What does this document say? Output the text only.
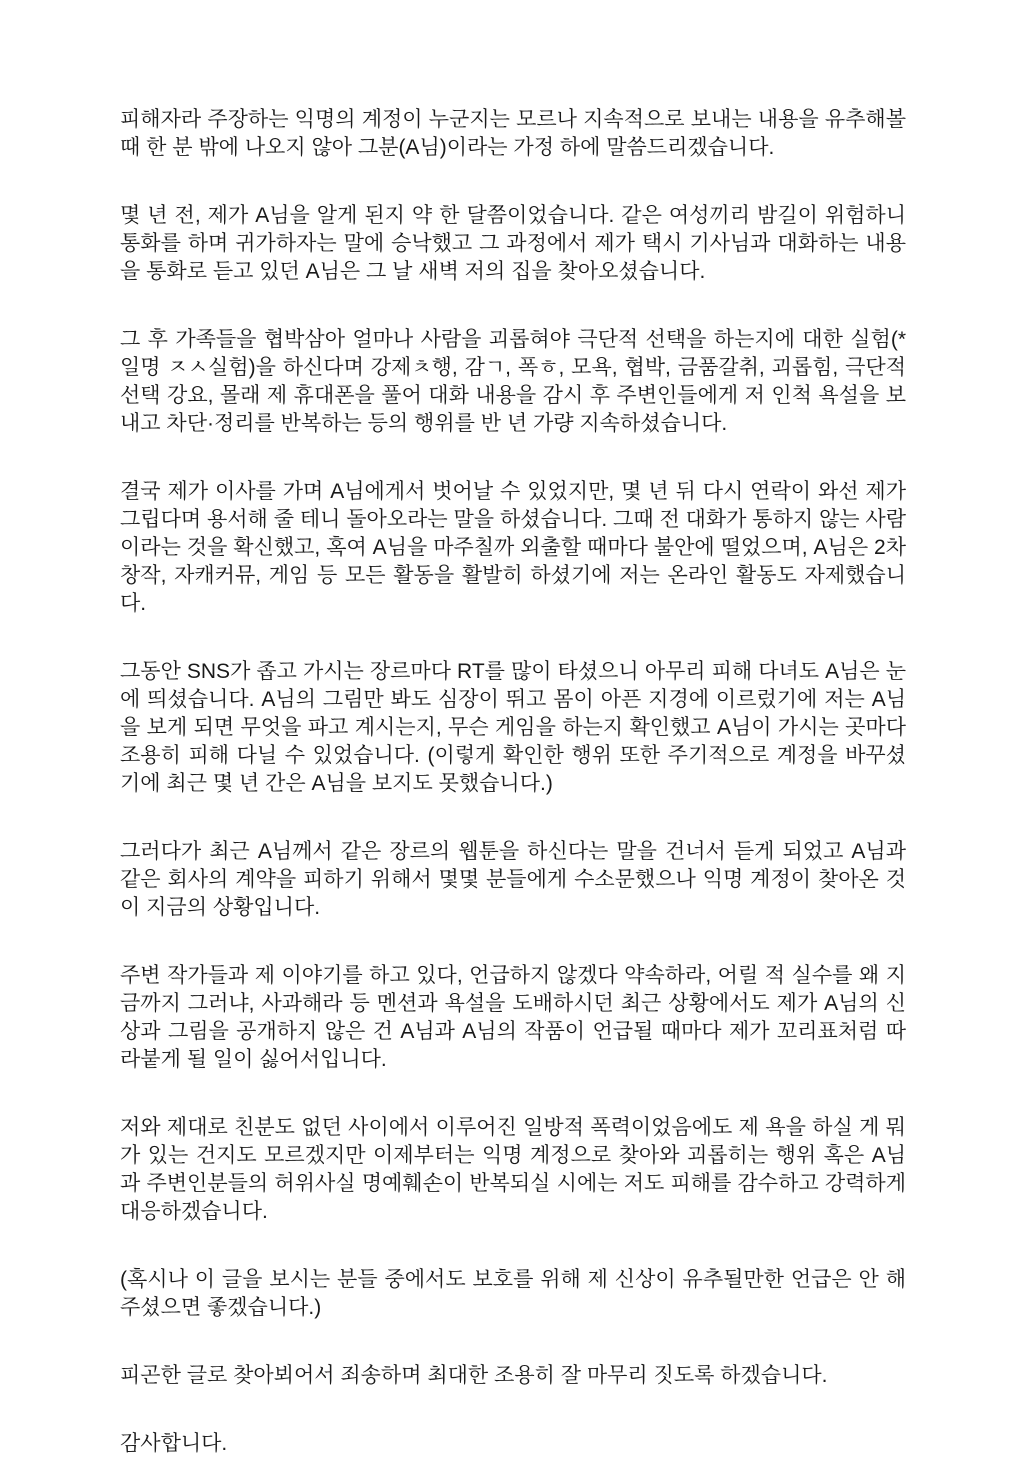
피해자라 주장하는 익명의 계정이 누군지는 모르나 지속적으로 보내는 내용을 유추해볼 때 한 분 밖에 나오지 않아 그분(A님)이라는 가정 하에 말씀드리겠습니다.

몇 년 전, 제가 A님을 알게 된지 약 한 달쯤이었습니다. 같은 여성끼리 밤길이 위험하니 통화를 하며 귀가하자는 말에 승낙했고 그 과정에서 제가 택시 기사님과 대화하는 내용을 통화로 듣고 있던 A님은 그 날 새벽 저의 집을 찾아오셨습니다.

그 후 가족들을 협박삼아 얼마나 사람을 괴롭혀야 극단적 선택을 하는지에 대한 실험(*일명 ㅈㅅ실험)을 하신다며 강제ㅊ행, 감ㄱ, 폭ㅎ, 모욕, 협박, 금품갈취, 괴롭힘, 극단적 선택 강요, 몰래 제 휴대폰을 풀어 대화 내용을 감시 후 주변인들에게 저 인척 욕설을 보내고 차단·정리를 반복하는 등의 행위를 반 년 가량 지속하셨습니다.

결국 제가 이사를 가며 A님에게서 벗어날 수 있었지만, 몇 년 뒤 다시 연락이 와선 제가 그립다며 용서해 줄 테니 돌아오라는 말을 하셨습니다. 그때 전 대화가 통하지 않는 사람이라는 것을 확신했고, 혹여 A님을 마주칠까 외출할 때마다 불안에 떨었으며, A님은 2차 창작, 자캐커뮤, 게임 등 모든 활동을 활발히 하셨기에 저는 온라인 활동도 자제했습니다.

그동안 SNS가 좁고 가시는 장르마다 RT를 많이 타셨으니 아무리 피해 다녀도 A님은 눈에 띄셨습니다. A님의 그림만 봐도 심장이 뛰고 몸이 아픈 지경에 이르렀기에 저는 A님을 보게 되면 무엇을 파고 계시는지, 무슨 게임을 하는지 확인했고 A님이 가시는 곳마다 조용히 피해 다닐 수 있었습니다. (이렇게 확인한 행위 또한 주기적으로 계정을 바꾸셨기에 최근 몇 년 간은 A님을 보지도 못했습니다.)

그러다가 최근 A님께서 같은 장르의 웹툰을 하신다는 말을 건너서 듣게 되었고 A님과 같은 회사의 계약을 피하기 위해서 몇몇 분들에게 수소문했으나 익명 계정이 찾아온 것이 지금의 상황입니다.

주변 작가들과 제 이야기를 하고 있다, 언급하지 않겠다 약속하라, 어릴 적 실수를 왜 지금까지 그러냐, 사과해라 등 멘션과 욕설을 도배하시던 최근 상황에서도 제가 A님의 신상과 그림을 공개하지 않은 건 A님과 A님의 작품이 언급될 때마다 제가 꼬리표처럼 따라붙게 될 일이 싫어서입니다.

저와 제대로 친분도 없던 사이에서 이루어진 일방적 폭력이었음에도 제 욕을 하실 게 뭐가 있는 건지도 모르겠지만 이제부터는 익명 계정으로 찾아와 괴롭히는 행위 혹은 A님과 주변인분들의 허위사실 명예훼손이 반복되실 시에는 저도 피해를 감수하고 강력하게 대응하겠습니다.

(혹시나 이 글을 보시는 분들 중에서도 보호를 위해 제 신상이 유추될만한 언급은 안 해주셨으면 좋겠습니다.)

피곤한 글로 찾아뵈어서 죄송하며 최대한 조용히 잘 마무리 짓도록 하겠습니다.

감사합니다.
